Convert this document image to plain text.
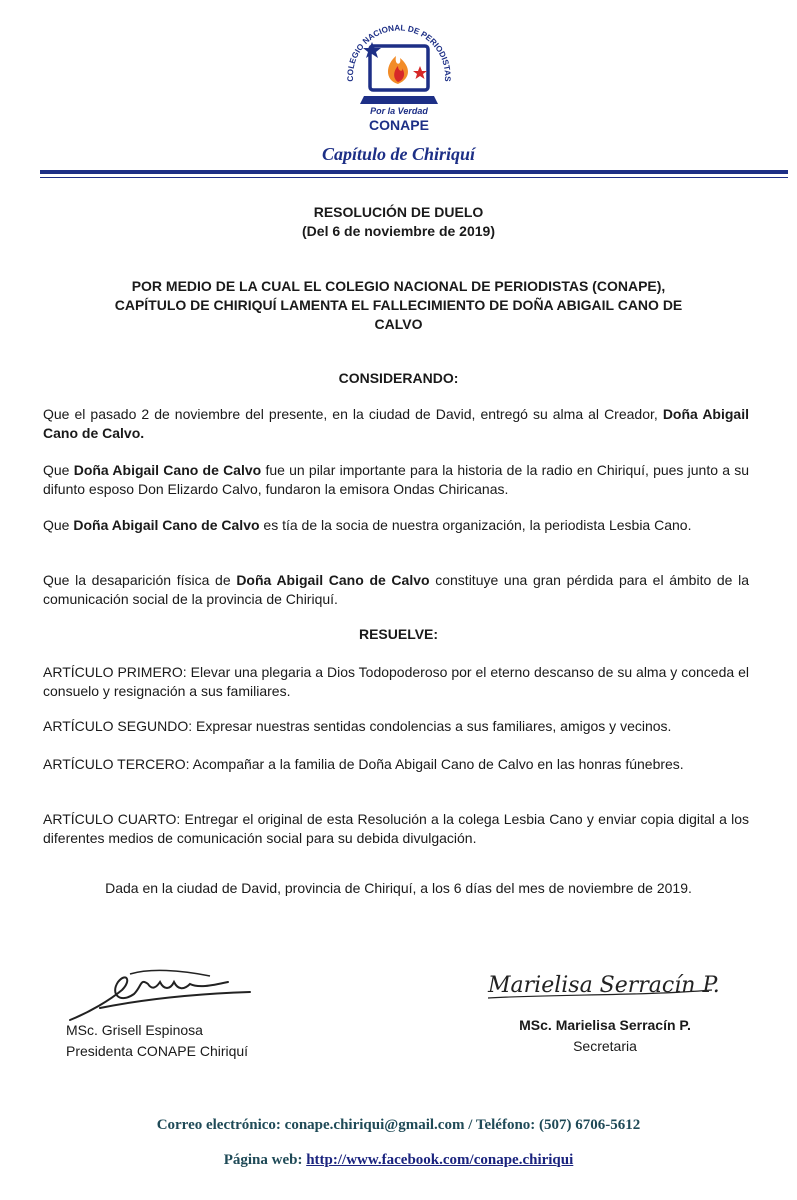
COLEGIO NACIONAL DE PERIODISTAS
Por la Verdad
CONAPE
Capítulo de Chiriquí
RESOLUCIÓN DE DUELO
(Del 6 de noviembre de 2019)
POR MEDIO DE LA CUAL EL COLEGIO NACIONAL DE PERIODISTAS (CONAPE), CAPÍTULO DE CHIRIQUÍ LAMENTA EL FALLECIMIENTO DE DOÑA ABIGAIL CANO DE CALVO
CONSIDERANDO:
Que el pasado 2 de noviembre del presente, en la ciudad de David, entregó su alma al Creador, Doña Abigail Cano de Calvo.
Que Doña Abigail Cano de Calvo fue un pilar importante para la historia de la radio en Chiriquí, pues junto a su difunto esposo Don Elizardo Calvo, fundaron la emisora Ondas Chiricanas.
Que Doña Abigail Cano de Calvo es tía de la socia de nuestra organización, la periodista Lesbia Cano.
Que la desaparición física de Doña Abigail Cano de Calvo constituye una gran pérdida para el ámbito de la comunicación social de la provincia de Chiriquí.
RESUELVE:
ARTÍCULO PRIMERO: Elevar una plegaria a Dios Todopoderoso por el eterno descanso de su alma y conceda el consuelo y resignación a sus familiares.
ARTÍCULO SEGUNDO: Expresar nuestras sentidas condolencias a sus familiares, amigos y vecinos.
ARTÍCULO TERCERO: Acompañar a la familia de Doña Abigail Cano de Calvo en las honras fúnebres.
ARTÍCULO CUARTO: Entregar el original de esta Resolución a la colega Lesbia Cano y enviar copia digital a los diferentes medios de comunicación social para su debida divulgación.
Dada en la ciudad de David, provincia de Chiriquí, a los 6 días del mes de noviembre de 2019.
MSc. Grisell Espinosa
Presidenta CONAPE Chiriquí
Marielisa Serracín P.
MSc. Marielisa Serracín P.
Secretaria
Correo electrónico: conape.chiriqui@gmail.com / Teléfono: (507) 6706-5612
Página web: http://www.facebook.com/conape.chiriqui
